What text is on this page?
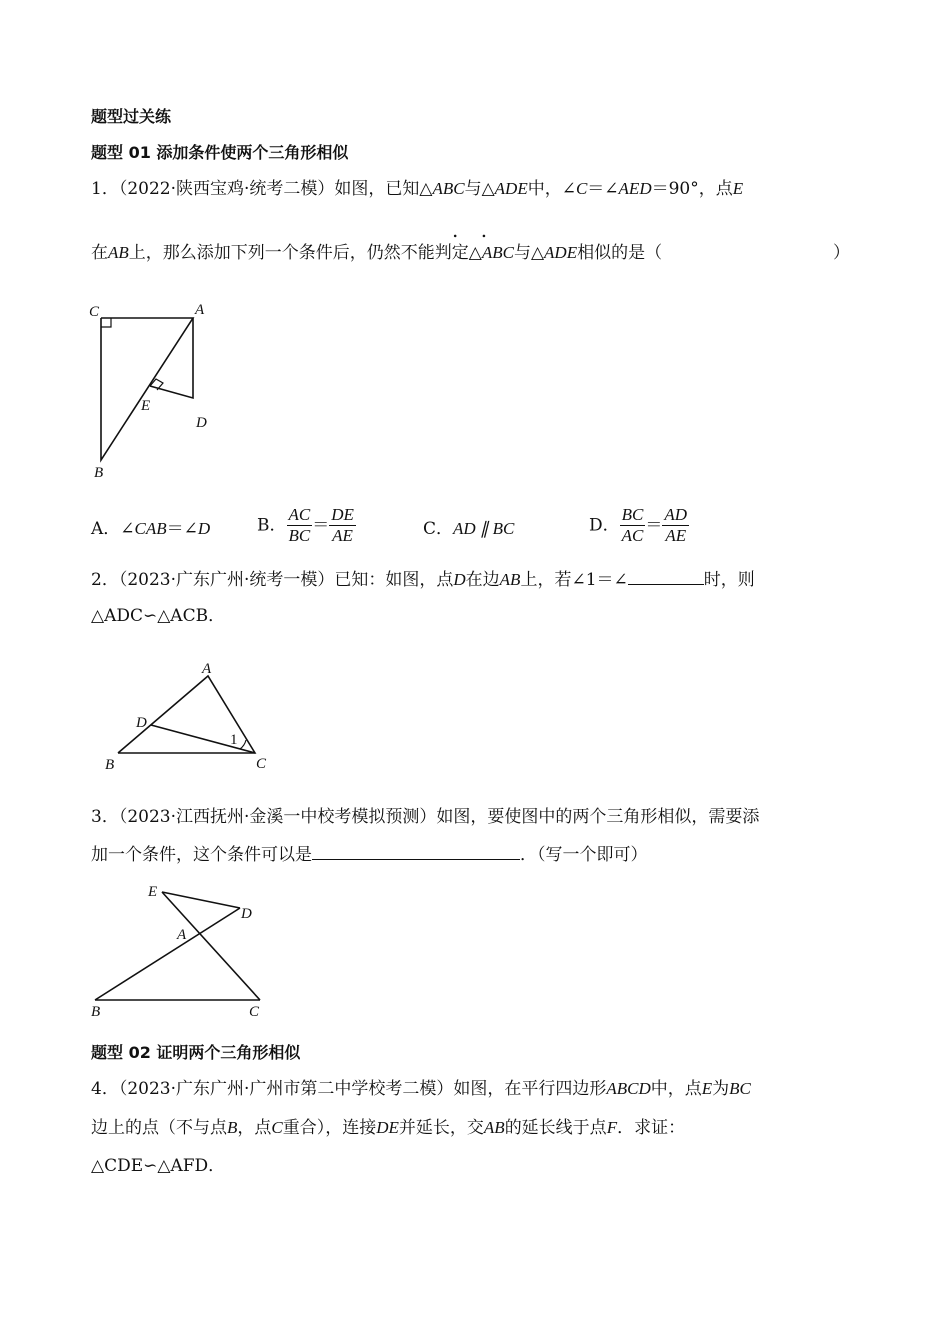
题型过关练
题型 01 添加条件使两个三角形相似
1．（2022·陕西宝鸡·统考二模）如图，已知△ABC与△ADE中，∠C＝∠AED＝90°，点E
. .
在AB上，那么添加下列一个条件后，仍然不能判定△ABC与△ADE相似的是（	）
C	A
E
D
B
A．∠CAB＝∠D	B． $\frac{AC}{BC} = \frac{DE}{AE}$	C．AD ∥ BC	D． $\frac{BC}{AC} = \frac{AD}{AE}$
2．（2023·广东广州·统考一模）已知：如图，点D在边AB上，若∠1＝∠	时，则
△ADC∽△ACB．
A
D
1
B	C
3．（2023·江西抚州·金溪一中校考模拟预测）如图，要使图中的两个三角形相似，需要添
加一个条件，这个条件可以是	．（写一个即可）
E
D
A
B	C
题型 02 证明两个三角形相似
4．（2023·广东广州·广州市第二中学校考二模）如图，在平行四边形ABCD中，点E为BC
边上的点（不与点B，点C重合），连接DE并延长，交AB的延长线于点F．求证：
△CDE∽△AFD．
